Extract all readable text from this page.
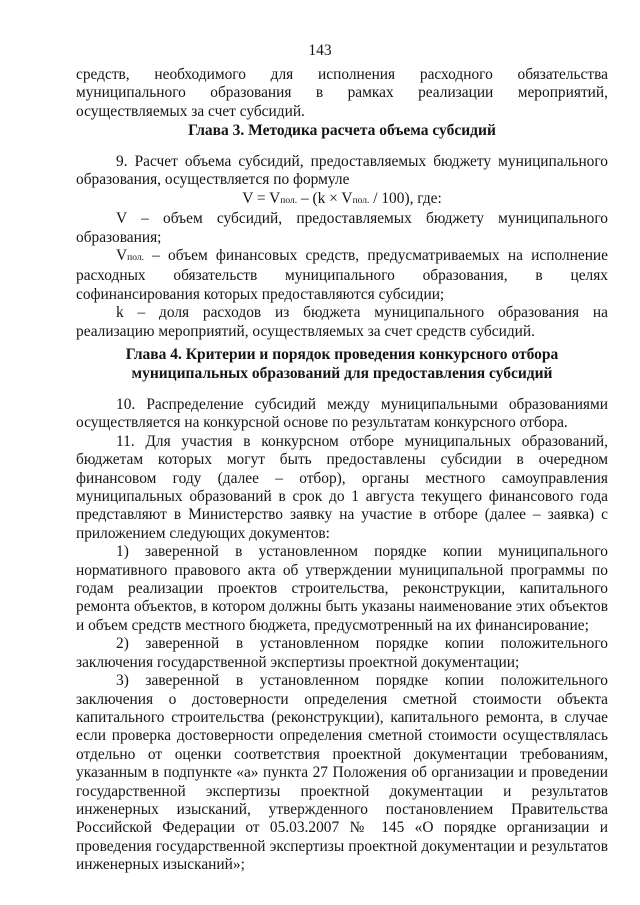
143

средств, необходимого для исполнения расходного обязательства муниципального образования в рамках реализации мероприятий, осуществляемых за счет субсидий.

Глава 3. Методика расчета объема субсидий

9. Расчет объема субсидий, предоставляемых бюджету муниципального образования, осуществляется по формуле

V = Vпол. – (k × Vпол. / 100), где:

V – объем субсидий, предоставляемых бюджету муниципального образования;

Vпол. – объем финансовых средств, предусматриваемых на исполнение расходных обязательств муниципального образования, в целях софинансирования которых предоставляются субсидии;

k – доля расходов из бюджета муниципального образования на реализацию мероприятий, осуществляемых за счет средств субсидий.

Глава 4. Критерии и порядок проведения конкурсного отбора
муниципальных образований для предоставления субсидий

10. Распределение субсидий между муниципальными образованиями осуществляется на конкурсной основе по результатам конкурсного отбора.

11. Для участия в конкурсном отборе муниципальных образований, бюджетам которых могут быть предоставлены субсидии в очередном финансовом году (далее – отбор), органы местного самоуправления муниципальных образований в срок до 1 августа текущего финансового года представляют в Министерство заявку на участие в отборе (далее – заявка) с приложением следующих документов:

1) заверенной в установленном порядке копии муниципального нормативного правового акта об утверждении муниципальной программы по годам реализации проектов строительства, реконструкции, капитального ремонта объектов, в котором должны быть указаны наименование этих объектов и объем средств местного бюджета, предусмотренный на их финансирование;

2) заверенной в установленном порядке копии положительного заключения государственной экспертизы проектной документации;

3) заверенной в установленном порядке копии положительного заключения о достоверности определения сметной стоимости объекта капитального строительства (реконструкции), капитального ремонта, в случае если проверка достоверности определения сметной стоимости осуществлялась отдельно от оценки соответствия проектной документации требованиям, указанным в подпункте «а» пункта 27 Положения об организации и проведении государственной экспертизы проектной документации и результатов инженерных изысканий, утвержденного постановлением Правительства Российской Федерации от 05.03.2007 № 145 «О порядке организации и проведения государственной экспертизы проектной документации и результатов инженерных изысканий»;
